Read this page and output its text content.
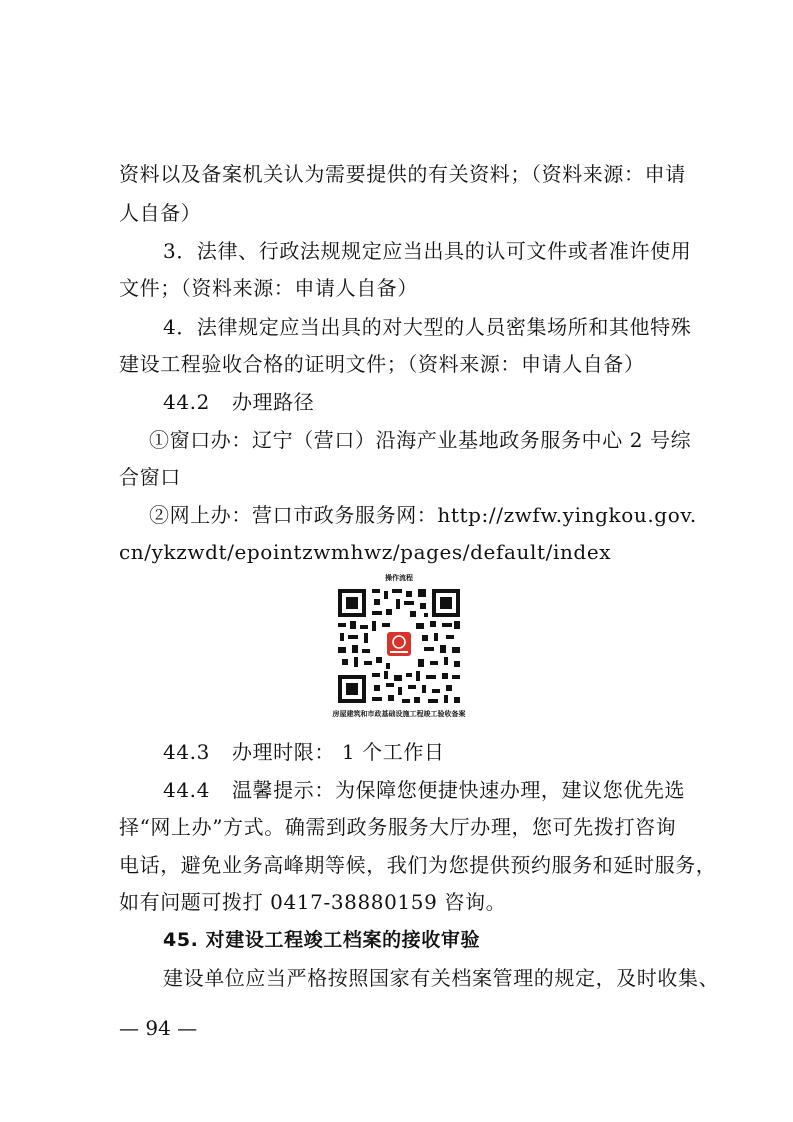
资料以及备案机关认为需要提供的有关资料；（资料来源：申请
人自备）
3．法律、行政法规规定应当出具的认可文件或者准许使用
文件；（资料来源：申请人自备）
4．法律规定应当出具的对大型的人员密集场所和其他特殊
建设工程验收合格的证明文件；（资料来源：申请人自备）
44.2 办理路径
①窗口办：辽宁（营口）沿海产业基地政务服务中心 2 号综
合窗口
②网上办：营口市政务服务网：http://zwfw.yingkou.gov.
cn/ykzwdt/epointzwmhwz/pages/default/index
操作流程
房屋建筑和市政基础设施工程竣工验收备案
44.3 办理时限： 1 个工作日
44.4 温馨提示：为保障您便捷快速办理，建议您优先选
择“网上办”方式。确需到政务服务大厅办理，您可先拨打咨询
电话，避免业务高峰期等候，我们为您提供预约服务和延时服务，
如有问题可拨打 0417-38880159 咨询。
45. 对建设工程竣工档案的接收审验
建设单位应当严格按照国家有关档案管理的规定，及时收集、
— 94 —
